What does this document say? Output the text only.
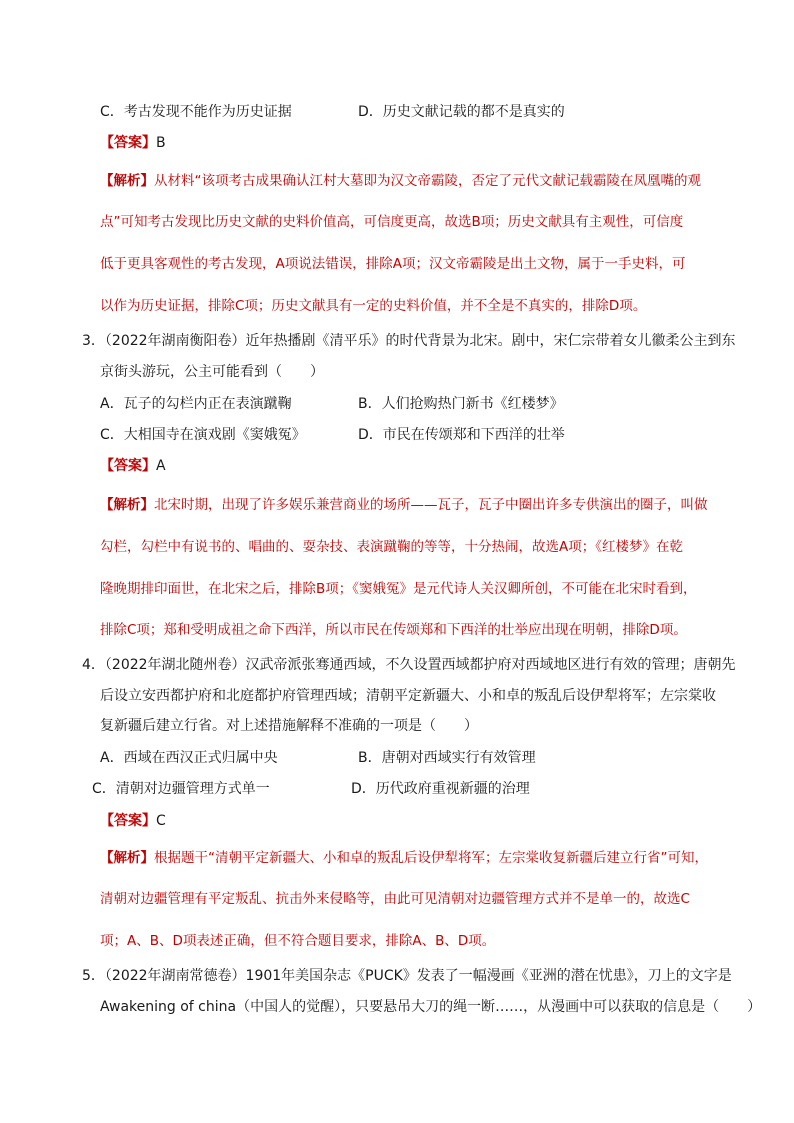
C．考古发现不能作为历史证据	D．历史文献记载的都不是真实的
【答案】B
【解析】从材料“该项考古成果确认江村大墓即为汉文帝霸陵，否定了元代文献记载霸陵在凤凰嘴的观
点”可知考古发现比历史文献的史料价值高，可信度更高，故选B项；历史文献具有主观性，可信度
低于更具客观性的考古发现，A项说法错误，排除A项；汉文帝霸陵是出土文物，属于一手史料，可
以作为历史证据，排除C项；历史文献具有一定的史料价值，并不全是不真实的，排除D项。
3．（2022年湖南衡阳卷）近年热播剧《清平乐》的时代背景为北宋。剧中，宋仁宗带着女儿徽柔公主到东
京街头游玩，公主可能看到（　　）
A．瓦子的勾栏内正在表演蹴鞠	B．人们抢购热门新书《红楼梦》
C．大相国寺在演戏剧《窦娥冤》	D．市民在传颂郑和下西洋的壮举
【答案】A
【解析】北宋时期，出现了许多娱乐兼营商业的场所——瓦子，瓦子中圈出许多专供演出的圈子，叫做
勾栏，勾栏中有说书的、唱曲的、耍杂技、表演蹴鞠的等等，十分热闹，故选A项；《红楼梦》在乾
隆晚期排印面世，在北宋之后，排除B项；《窦娥冤》是元代诗人关汉卿所创，不可能在北宋时看到，
排除C项；郑和受明成祖之命下西洋，所以市民在传颂郑和下西洋的壮举应出现在明朝，排除D项。
4．（2022年湖北随州卷）汉武帝派张骞通西域，不久设置西域都护府对西域地区进行有效的管理；唐朝先
后设立安西都护府和北庭都护府管理西域；清朝平定新疆大、小和卓的叛乱后设伊犁将军；左宗棠收
复新疆后建立行省。对上述措施解释不准确的一项是（　　）
A．西域在西汉正式归属中央	B．唐朝对西域实行有效管理
C．清朝对边疆管理方式单一	D．历代政府重视新疆的治理
【答案】C
【解析】根据题干“清朝平定新疆大、小和卓的叛乱后设伊犁将军；左宗棠收复新疆后建立行省”可知，
清朝对边疆管理有平定叛乱、抗击外来侵略等，由此可见清朝对边疆管理方式并不是单一的，故选C
项；A、B、D项表述正确，但不符合题目要求，排除A、B、D项。
5．（2022年湖南常德卷）1901年美国杂志《PUCK》发表了一幅漫画《亚洲的潜在忧患》，刀上的文字是
Awakening of china（中国人的觉醒），只要悬吊大刀的绳一断……，从漫画中可以获取的信息是（　　）
